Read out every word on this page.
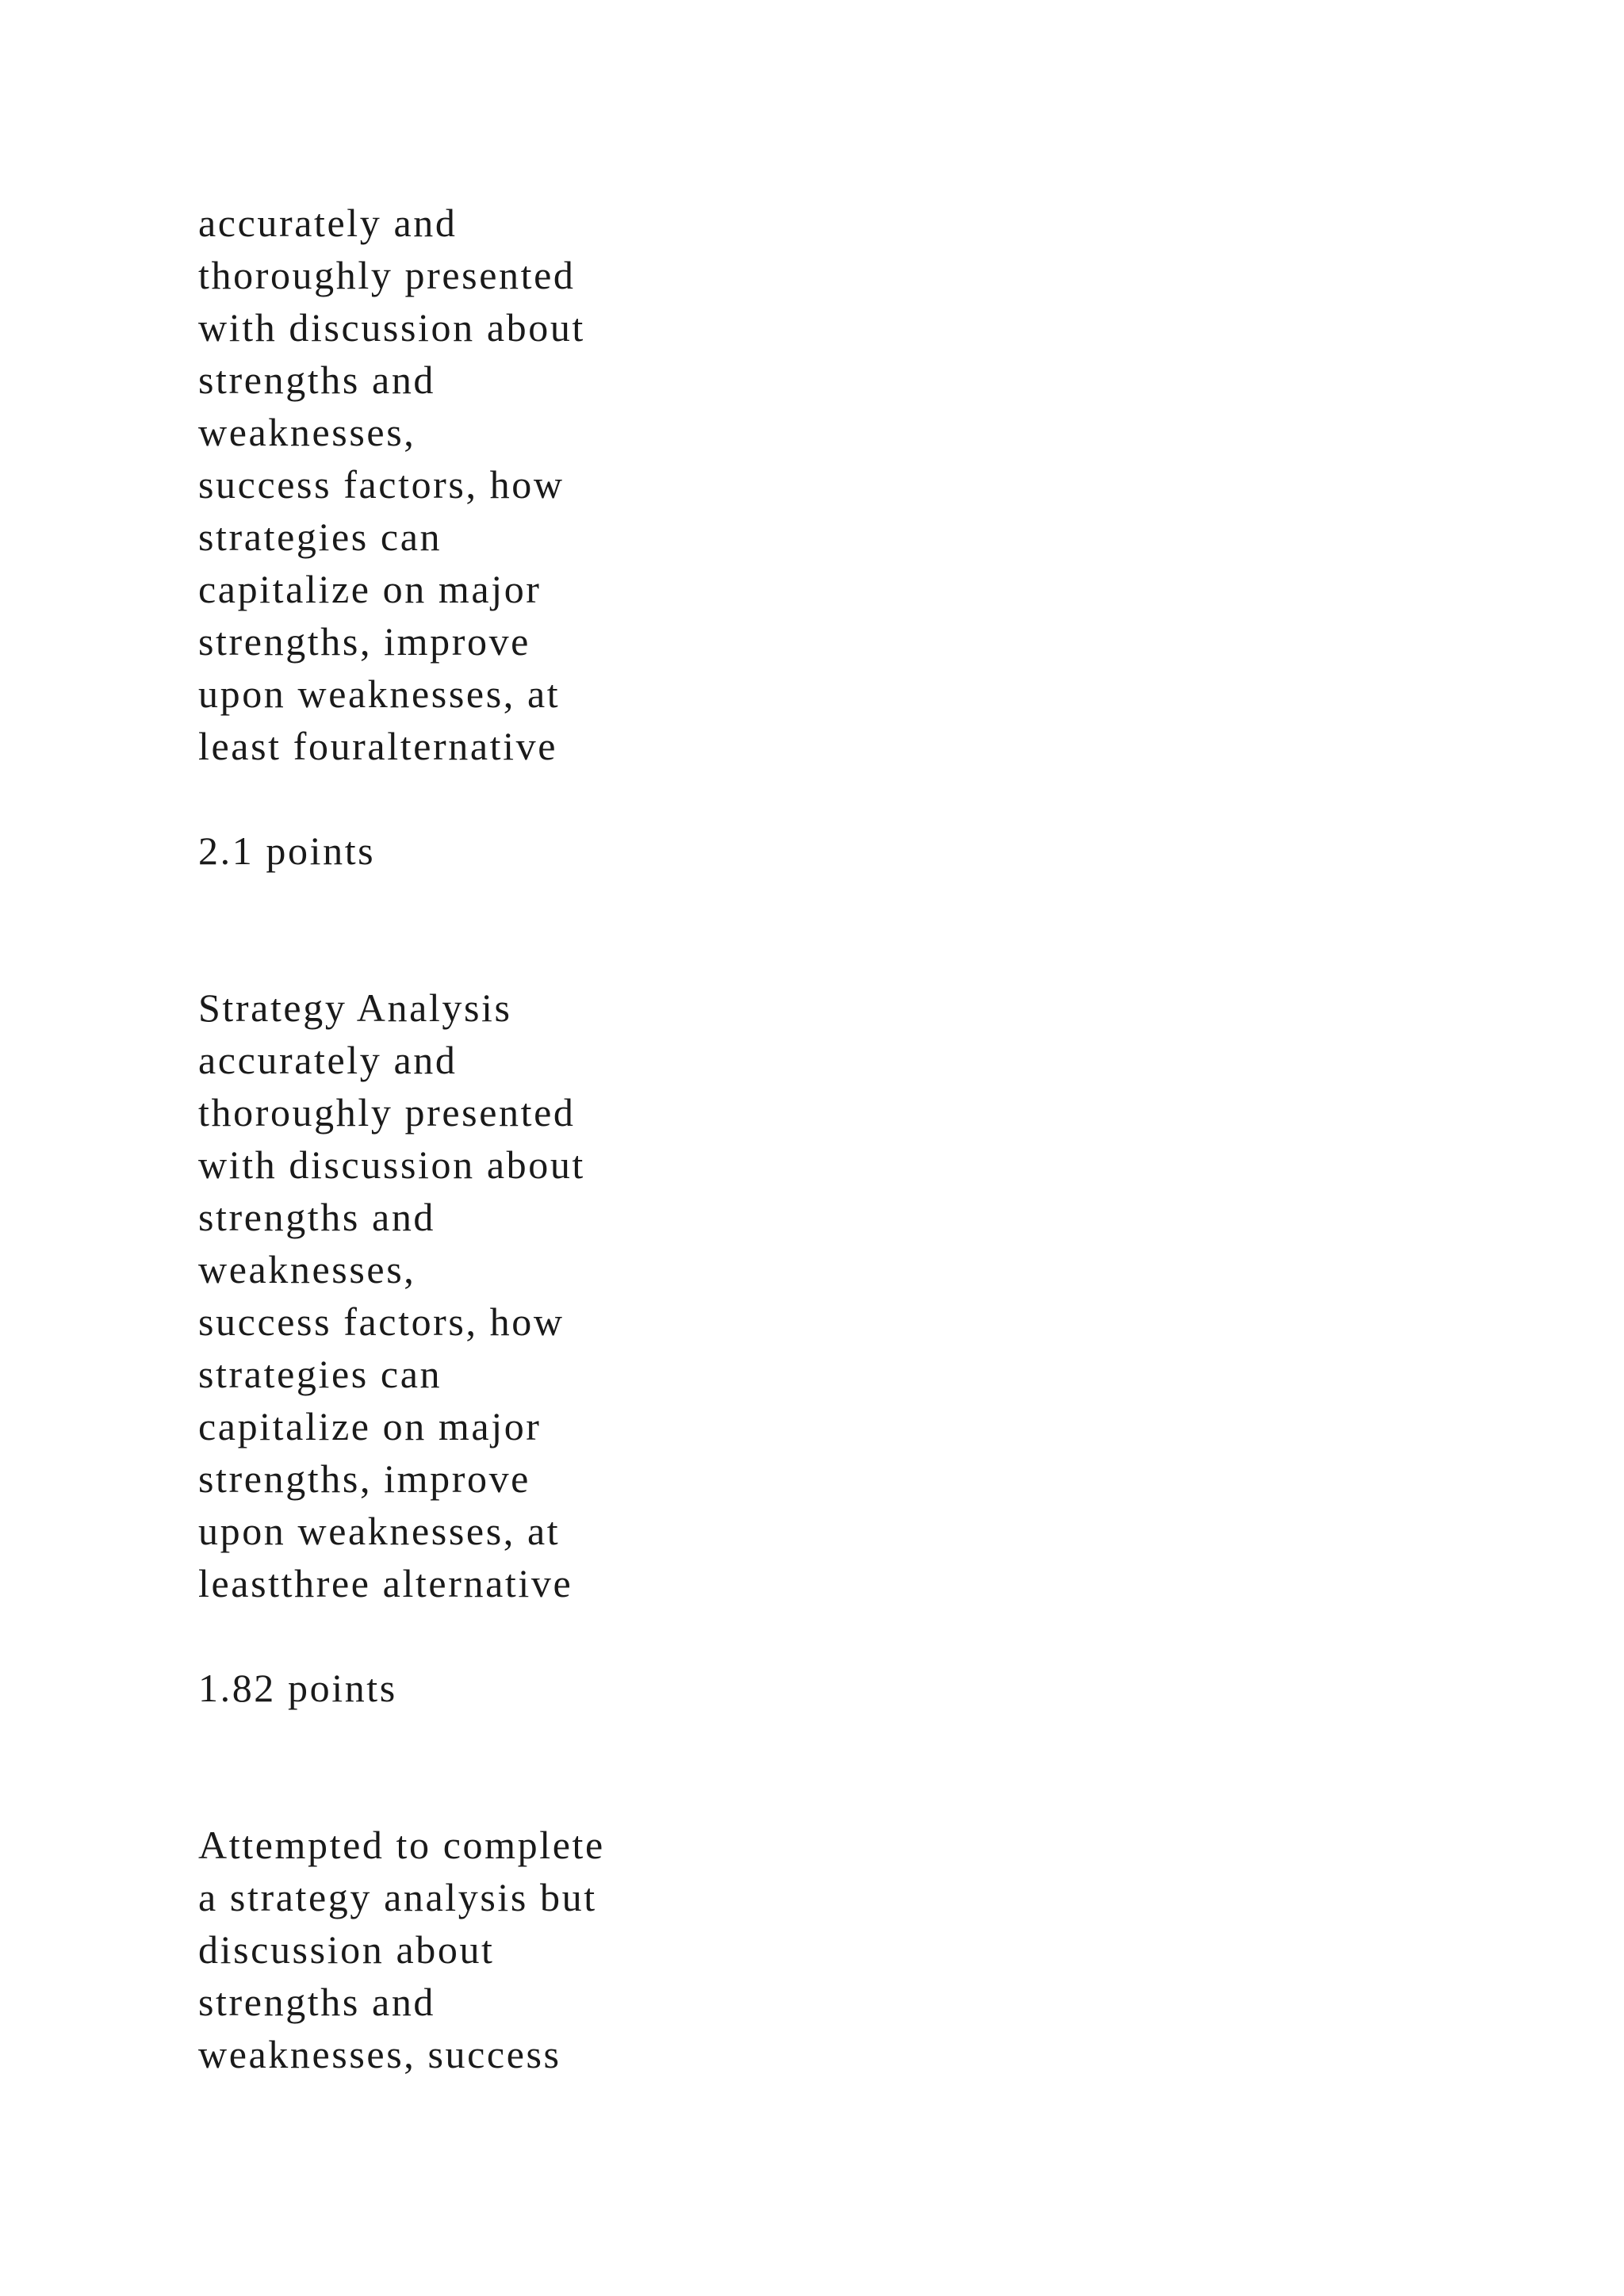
accurately and
thoroughly presented
with discussion about
strengths and
weaknesses,
success factors, how
strategies can
capitalize on major
strengths, improve
upon weaknesses, at
least fouralternative
2.1 points
Strategy Analysis
accurately and
thoroughly presented
with discussion about
strengths and
weaknesses,
success factors, how
strategies can
capitalize on major
strengths, improve
upon weaknesses, at
leastthree alternative
1.82 points
Attempted to complete
a strategy analysis but
discussion about
strengths and
weaknesses, success
